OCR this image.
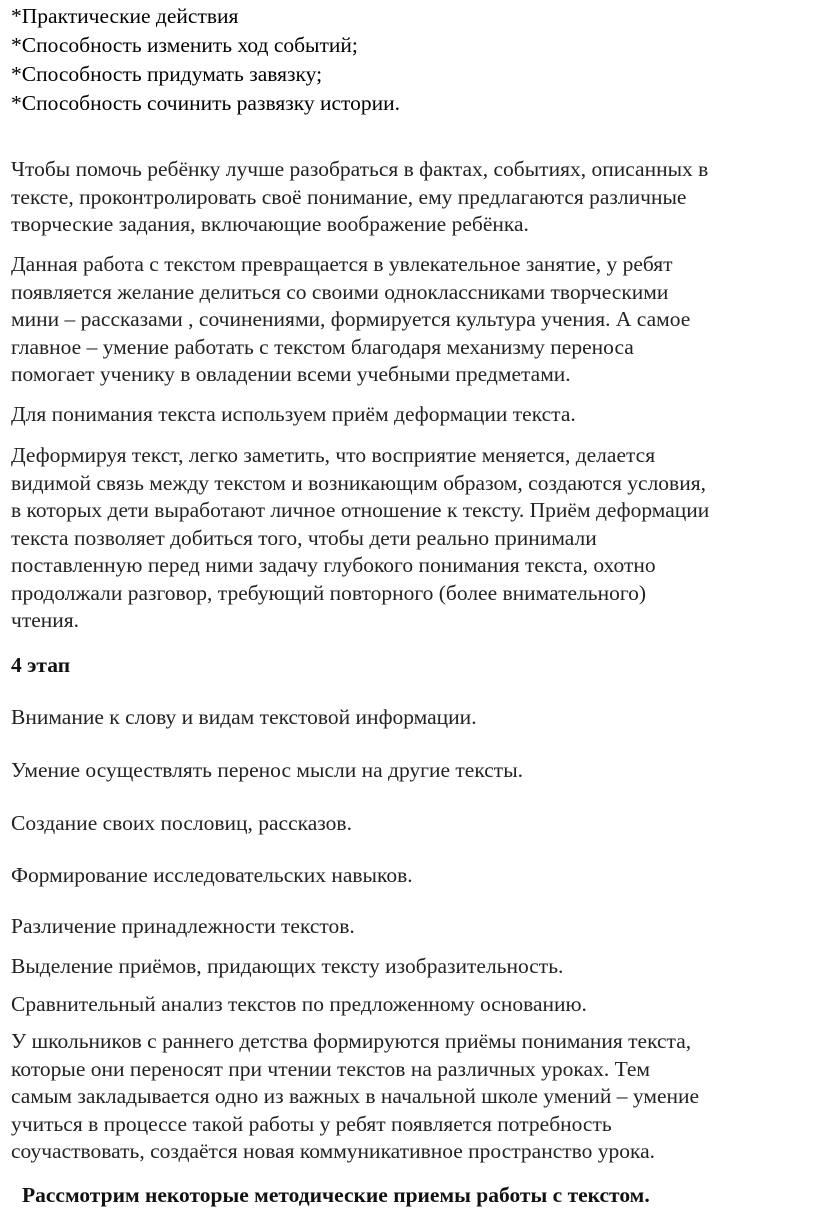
*Практические действия
*Способность изменить ход событий;
*Способность придумать завязку;
*Способность сочинить развязку истории.

Чтобы помочь ребёнку лучше разобраться в фактах, событиях, описанных в
тексте, проконтролировать своё понимание, ему предлагаются различные
творческие задания, включающие воображение ребёнка.

Данная работа с текстом превращается в увлекательное занятие, у ребят
появляется желание делиться со своими одноклассниками творческими
мини – рассказами , сочинениями, формируется культура учения. А самое
главное – умение работать с текстом благодаря механизму переноса
помогает ученику в овладении всеми учебными предметами.

Для понимания текста используем приём деформации текста.

Деформируя текст, легко заметить, что восприятие меняется, делается
видимой связь между текстом и возникающим образом, создаются условия,
в которых дети выработают личное отношение к тексту. Приём деформации
текста позволяет добиться того, чтобы дети реально принимали
поставленную перед ними задачу глубокого понимания текста, охотно
продолжали разговор, требующий повторного (более внимательного)
чтения.

4 этап

Внимание к слову и видам текстовой информации.

Умение осуществлять перенос мысли на другие тексты.

Создание своих пословиц, рассказов.

Формирование исследовательских навыков.

Различение принадлежности текстов.

Выделение приёмов, придающих тексту изобразительность.

Сравнительный анализ текстов по предложенному основанию.

У школьников с раннего детства формируются приёмы понимания текста,
которые они переносят при чтении текстов на различных уроках. Тем
самым закладывается одно из важных в начальной школе умений – умение
учиться в процессе такой работы у ребят появляется потребность
соучаствовать, создаётся новая коммуникативное пространство урока.

Рассмотрим некоторые методические приемы работы с текстом.
